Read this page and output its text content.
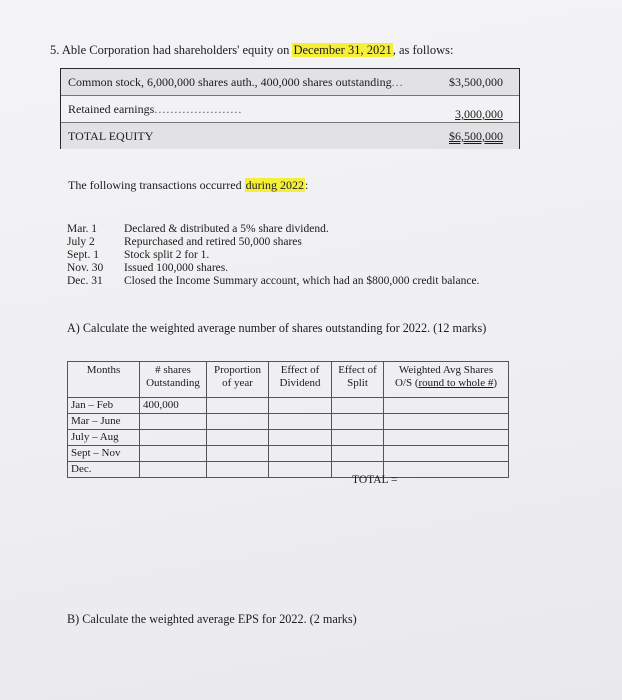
5. Able Corporation had shareholders' equity on December 31, 2021, as follows:
Common stock, 6,000,000 shares auth., 400,000 shares outstanding...	$3,500,000
Retained earnings......................	3,000,000
TOTAL EQUITY	$6,500,000
The following transactions occurred during 2022:
Mar. 1 Declared & distributed a 5% share dividend.
July 2	Repurchased and retired 50,000 shares
Sept. 1 Stock split 2 for 1.
Nov. 30 Issued 100,000 shares.
Dec. 31 Closed the Income Summary account, which had an $800,000 credit balance.
A) Calculate the weighted average number of shares outstanding for 2022. (12 marks)
Months	# shares Outstanding	Proportion of year	Effect of Dividend	Effect of Split	Weighted Avg Shares
O/S (round to whole #)
Jan – Feb	400,000				
Mar – June					
July – Aug					
Sept – Nov					
Dec.					
TOTAL =
B) Calculate the weighted average EPS for 2022. (2 marks)
